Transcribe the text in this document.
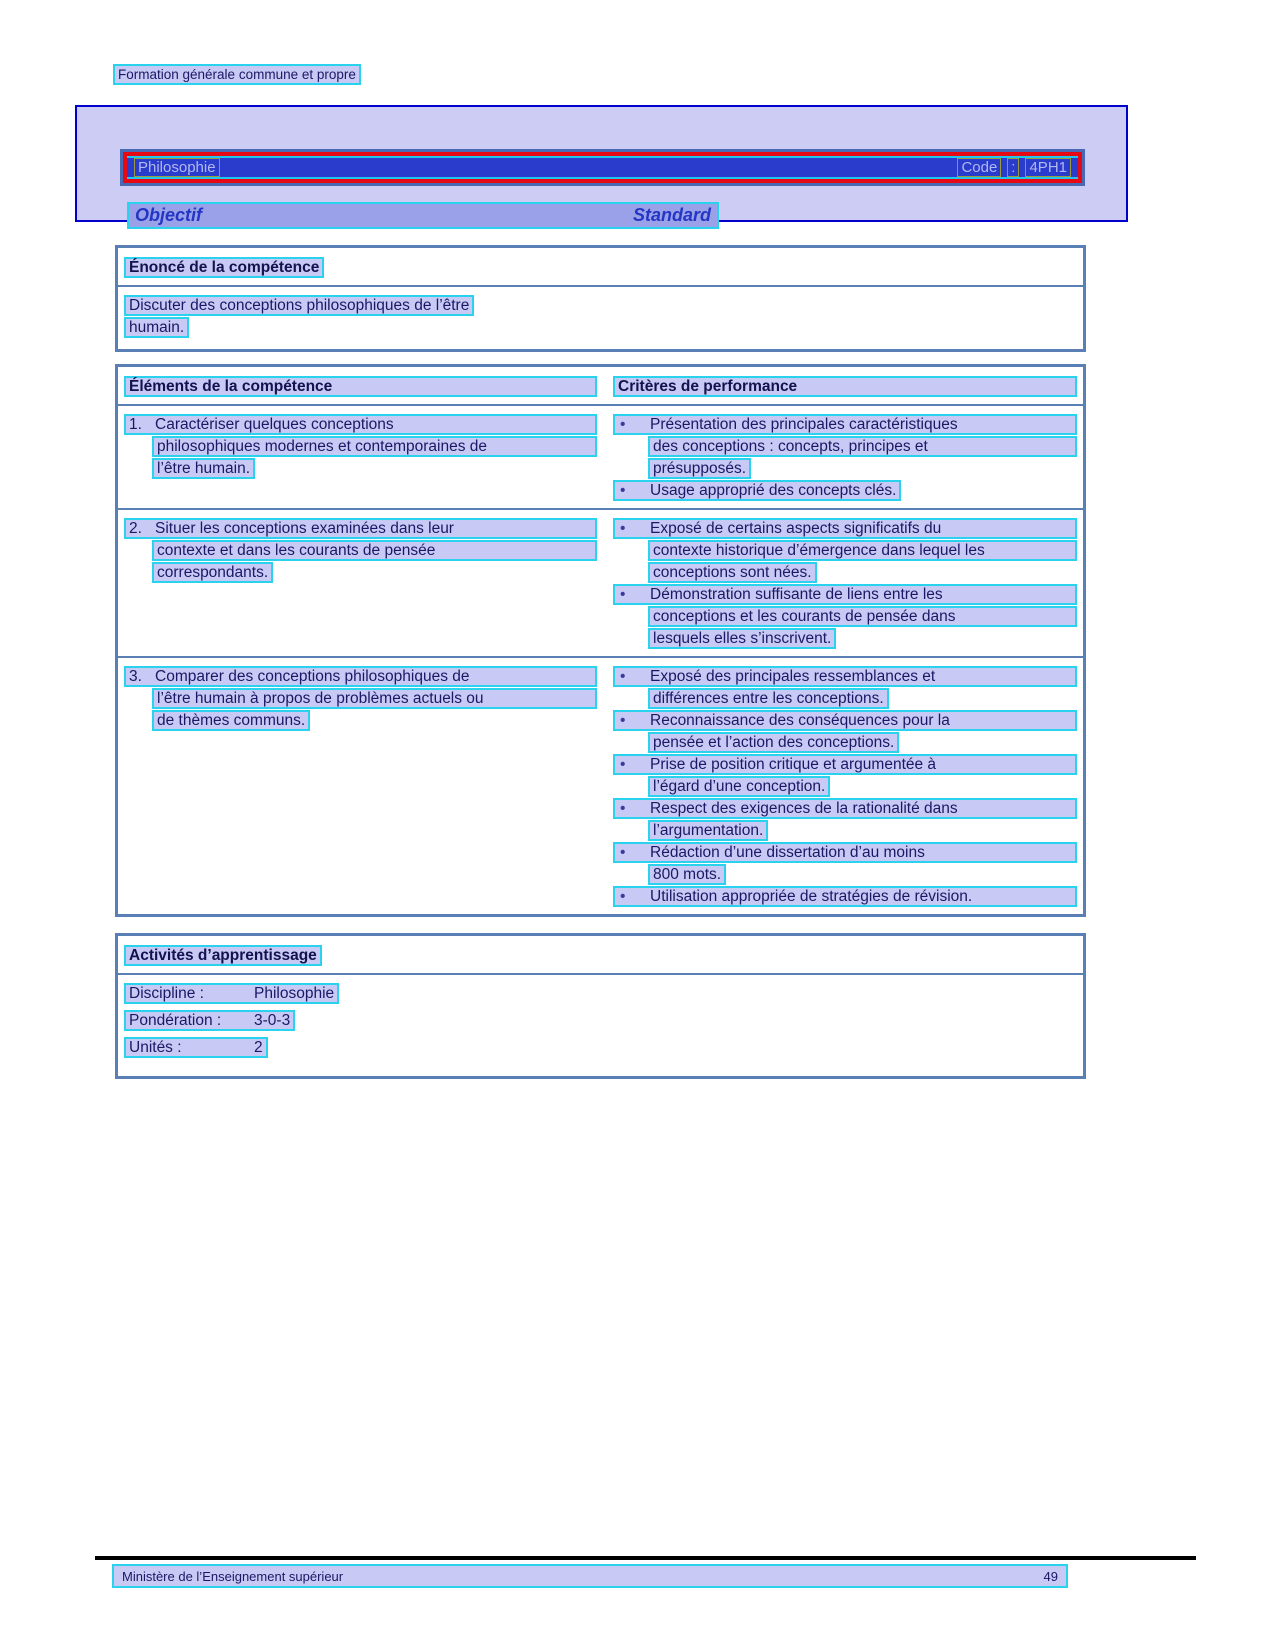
Formation générale commune et propre
Philosophie	Code : 4PH1
Objectif	Standard
Énoncé de la compétence
Discuter des conceptions philosophiques de l’être
humain.
Éléments de la compétence	Critères de performance
1. Caractériser quelques conceptions
philosophiques modernes et contemporaines de
l’être humain.
•Présentation des principales caractéristiques
des conceptions : concepts, principes et
présupposés.
•Usage approprié des concepts clés.
2. Situer les conceptions examinées dans leur
contexte et dans les courants de pensée
correspondants.
•Exposé de certains aspects significatifs du
contexte historique d’émergence dans lequel les
conceptions sont nées.
•Démonstration suffisante de liens entre les
conceptions et les courants de pensée dans
lesquels elles s’inscrivent.
3. Comparer des conceptions philosophiques de
l’être humain à propos de problèmes actuels ou
de thèmes communs.
•Exposé des principales ressemblances et
différences entre les conceptions.
•Reconnaissance des conséquences pour la
pensée et l’action des conceptions.
•Prise de position critique et argumentée à
l’égard d’une conception.
•Respect des exigences de la rationalité dans
l’argumentation.
•Rédaction d’une dissertation d’au moins
800 mots.
•Utilisation appropriée de stratégies de révision.
Activités d’apprentissage
Discipline :	Philosophie
Pondération : 3-0-3
Unités :	2
Ministère de l’Enseignement supérieur	49
